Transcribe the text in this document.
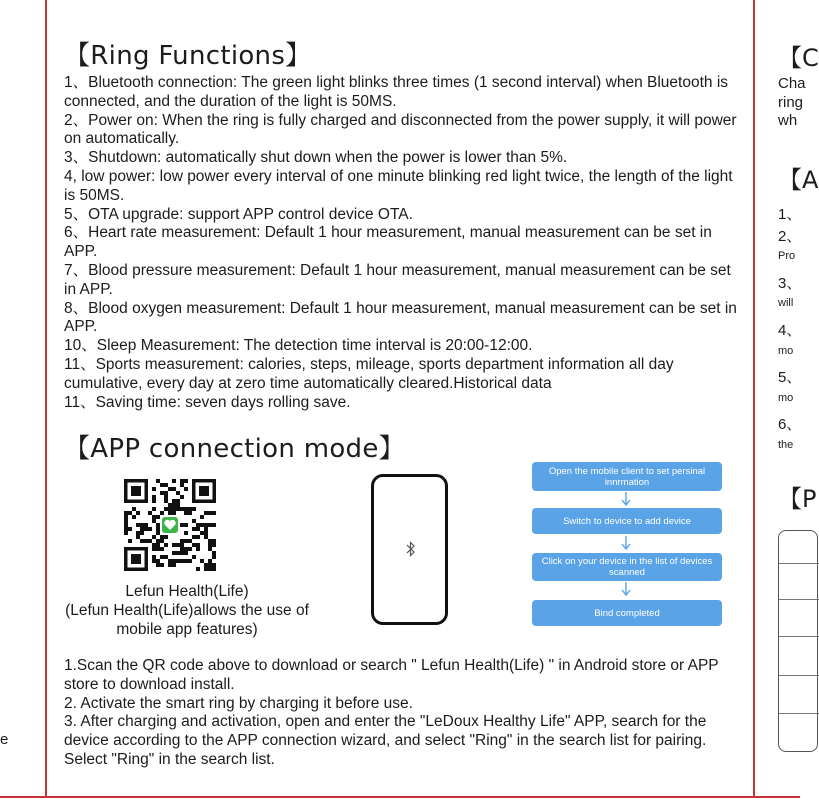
e
【Ring Functions】

1、Bluetooth connection: The green light blinks three times (1 second interval) when Bluetooth is connected, and the duration of the light is 50MS.

2、Power on: When the ring is fully charged and disconnected from the power supply, it will power on automatically.

3、Shutdown: automatically shut down when the power is lower than 5%.

4, low power: low power every interval of one minute blinking red light twice, the length of the light is 50MS.

5、OTA upgrade: support APP control device OTA.

6、Heart rate measurement: Default 1 hour measurement, manual measurement can be set in APP.

7、Blood pressure measurement: Default 1 hour measurement, manual measurement can be set in APP.

8、Blood oxygen measurement: Default 1 hour measurement, manual measurement can be set in APP.

10、Sleep Measurement: The detection time interval is 20:00-12:00.

11、Sports measurement: calories, steps, mileage, sports department information all day cumulative, every day at zero time automatically cleared.Historical data

11、Saving time: seven days rolling save.

【APP connection mode】
Lefun Health(Life)
(Lefun Health(Life)allows the use of mobile app features)
Open the mobile client to set persinal innrmation
Switch to device to add device
Click on your device in the list of devices scanned
Bind completed

1.Scan the QR code above to download or search " Lefun Health(Life) " in Android store or APP store to download install.

2. Activate the smart ring by charging it before use.

3. After charging and activation, open and enter the "LeDoux Healthy Life" APP, search for the device according to the APP connection wizard, and select "Ring" in the search list for pairing. Select "Ring" in the search list.

【C
Cha
ring
wh
【A
1、
2、
Pro
3、
will
4、
mo
5、
mo
6、
the
【P
